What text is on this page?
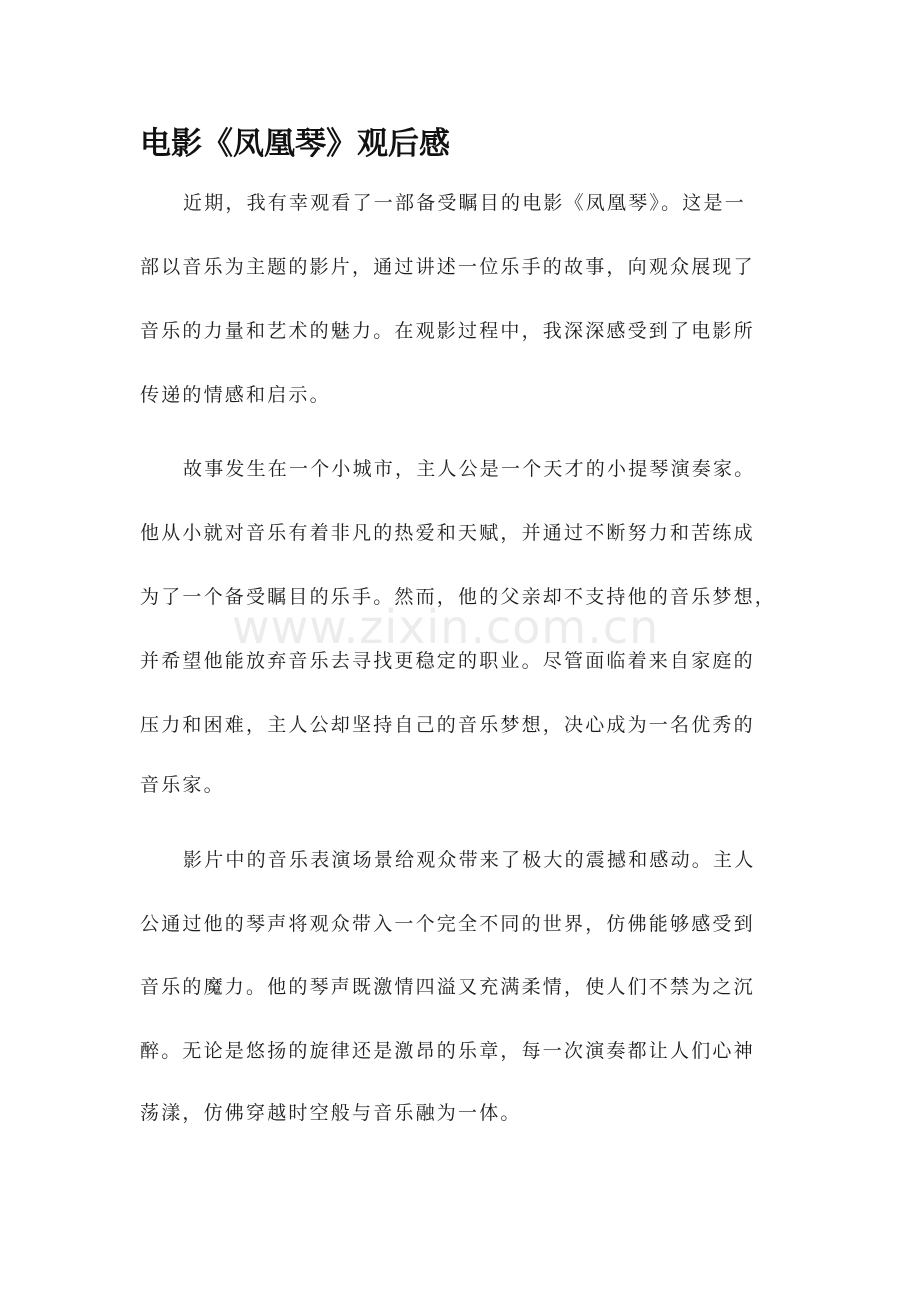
电影《凤凰琴》观后感
www.zixin.com.cn
近期，我有幸观看了一部备受瞩目的电影《凤凰琴》。这是一
部以音乐为主题的影片，通过讲述一位乐手的故事，向观众展现了
音乐的力量和艺术的魅力。在观影过程中，我深深感受到了电影所
传递的情感和启示。
故事发生在一个小城市，主人公是一个天才的小提琴演奏家。
他从小就对音乐有着非凡的热爱和天赋，并通过不断努力和苦练成
为了一个备受瞩目的乐手。然而，他的父亲却不支持他的音乐梦想，
并希望他能放弃音乐去寻找更稳定的职业。尽管面临着来自家庭的
压力和困难，主人公却坚持自己的音乐梦想，决心成为一名优秀的
音乐家。
影片中的音乐表演场景给观众带来了极大的震撼和感动。主人
公通过他的琴声将观众带入一个完全不同的世界，仿佛能够感受到
音乐的魔力。他的琴声既激情四溢又充满柔情，使人们不禁为之沉
醉。无论是悠扬的旋律还是激昂的乐章，每一次演奏都让人们心神
荡漾，仿佛穿越时空般与音乐融为一体。
